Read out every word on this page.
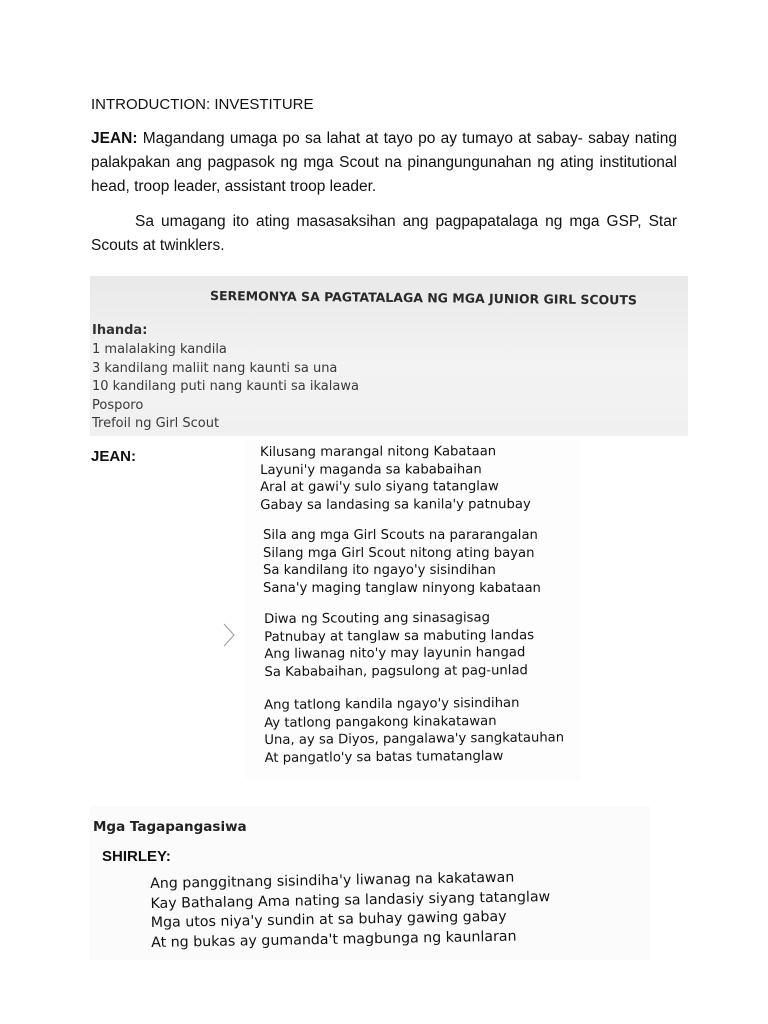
INTRODUCTION: INVESTITURE
JEAN: Magandang umaga po sa lahat at tayo po ay tumayo at sabay- sabay nating palakpakan ang pagpasok ng mga Scout na pinangungunahan ng ating institutional head, troop leader, assistant troop leader.
Sa umagang ito ating masasaksihan ang pagpapatalaga ng mga GSP, Star Scouts at twinklers.
SEREMONYA SA PAGTATALAGA NG MGA JUNIOR GIRL SCOUTS
Ihanda:
1 malalaking kandila
3 kandilang maliit nang kaunti sa una
10 kandilang puti nang kaunti sa ikalawa
Posporo
Trefoil ng Girl Scout
JEAN:	Kilusang marangal nitong Kabataan
Layuni'y maganda sa kababaihan
Aral at gawi'y sulo siyang tatanglaw
Gabay sa landasing sa kanila'y patnubay
Sila ang mga Girl Scouts na pararangalan
Silang mga Girl Scout nitong ating bayan
Sa kandilang ito ngayo'y sisindihan
Sana'y maging tanglaw ninyong kabataan
Diwa ng Scouting ang sinasagisag
Patnubay at tanglaw sa mabuting landas
Ang liwanag nito'y may layunin hangad
Sa Kababaihan, pagsulong at pag-unlad
Ang tatlong kandila ngayo'y sisindihan
Ay tatlong pangakong kinakatawan
Una, ay sa Diyos, pangalawa'y sangkatauhan
At pangatlo'y sa batas tumatanglaw
Mga Tagapangasiwa
SHIRLEY:
Ang panggitnang sisindiha'y liwanag na kakatawan
Kay Bathalang Ama nating sa landasiy siyang tatanglaw
Mga utos niya'y sundin at sa buhay gawing gabay
At ng bukas ay gumanda't magbunga ng kaunlaran
